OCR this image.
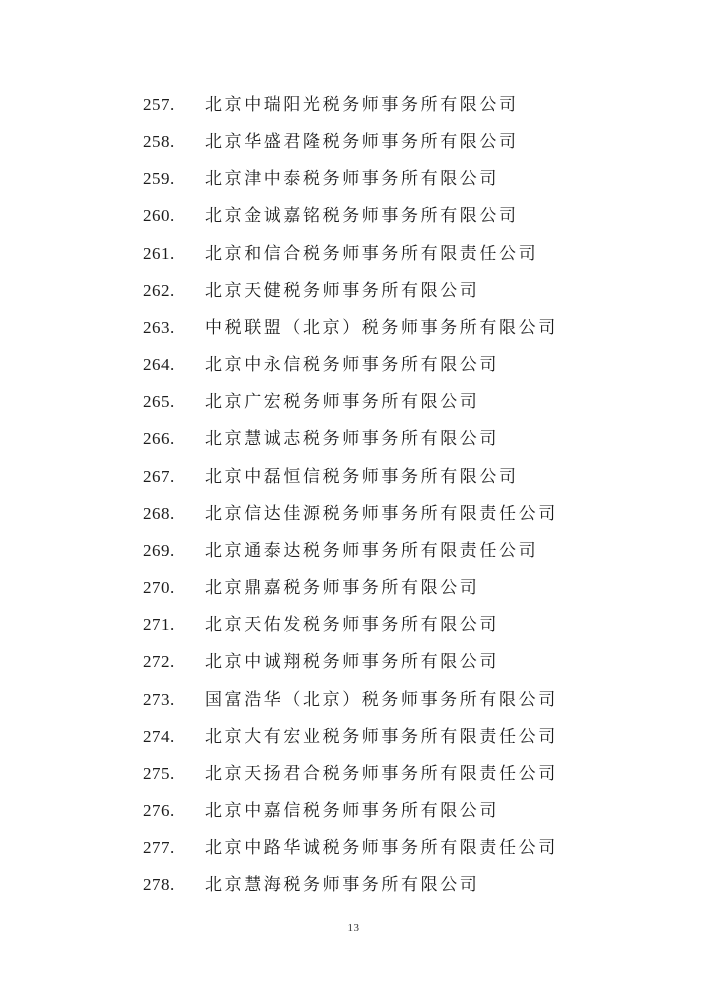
257.	北京中瑞阳光税务师事务所有限公司
258.	北京华盛君隆税务师事务所有限公司
259.	北京津中泰税务师事务所有限公司
260.	北京金诚嘉铭税务师事务所有限公司
261.	北京和信合税务师事务所有限责任公司
262.	北京天健税务师事务所有限公司
263.	中税联盟（北京）税务师事务所有限公司
264.	北京中永信税务师事务所有限公司
265.	北京广宏税务师事务所有限公司
266.	北京慧诚志税务师事务所有限公司
267.	北京中磊恒信税务师事务所有限公司
268.	北京信达佳源税务师事务所有限责任公司
269.	北京通泰达税务师事务所有限责任公司
270.	北京鼎嘉税务师事务所有限公司
271.	北京天佑发税务师事务所有限公司
272.	北京中诚翔税务师事务所有限公司
273.	国富浩华（北京）税务师事务所有限公司
274.	北京大有宏业税务师事务所有限责任公司
275.	北京天扬君合税务师事务所有限责任公司
276.	北京中嘉信税务师事务所有限公司
277.	北京中路华诚税务师事务所有限责任公司
278.	北京慧海税务师事务所有限公司
13
